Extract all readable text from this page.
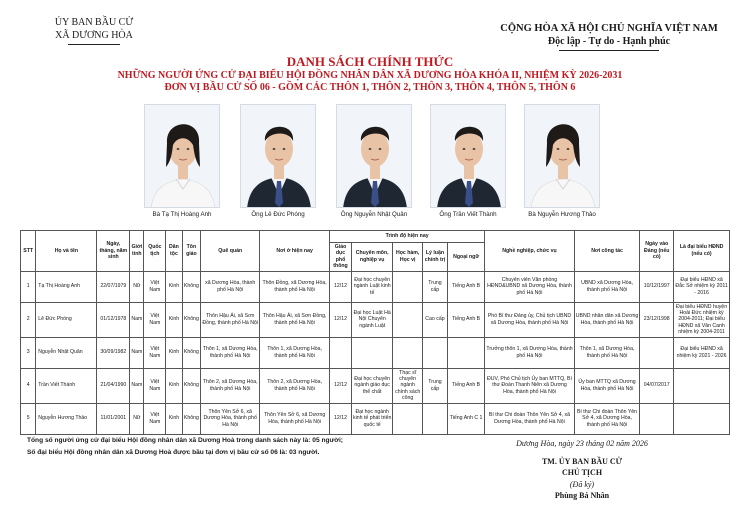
ỦY BAN BẦU CỬ
XÃ DƯƠNG HÒA
CỘNG HÒA XÃ HỘI CHỦ NGHĨA VIỆT NAM
Độc lập - Tự do - Hạnh phúc
DANH SÁCH CHÍNH THỨC
NHỮNG NGƯỜI ỨNG CỬ ĐẠI BIỂU HỘI ĐỒNG NHÂN DÂN XÃ DƯƠNG HÒA KHÓA II, NHIỆM KỲ 2026-2031
ĐƠN VỊ BẦU CỬ SỐ 06 - GỒM CÁC THÔN 1, THÔN 2, THÔN 3, THÔN 4, THÔN 5, THÔN 6
Bà Tạ Thị Hoàng Anh	Ông Lê Đức Phóng	Ông Nguyễn Nhật Quân	Ông Trần Viết Thành	Bà Nguyễn Hương Thảo
STT	Họ và tên	Ngày, tháng, năm sinh	Giới tính	Quốc tịch	Dân tộc	Tôn giáo	Quê quán	Nơi ở hiện nay	Trình độ hiện nay					Nghề nghiệp, chức vụ	Nơi công tác	Ngày vào Đảng (nếu có)	Là đại biểu HĐND (nếu có)
									Giáo dục phổ thông	Chuyên môn, nghiệp vụ	Học hàm, Học vị	Lý luận chính trị	Ngoại ngữ				
1	Tạ Thị Hoàng Anh	22/07/1979	Nữ	Việt Nam	Kinh	Không	xã Dương Hòa, thành phố Hà Nội	Thôn Đồng, xã Dương Hòa, thành phố Hà Nội	12/12	Đại học chuyên ngành Luật kinh tế		Trung cấp	Tiếng Anh B	Chuyên viên Văn phòng HĐND&UBND xã Dương Hòa, thành phố Hà Nội	UBND xã Dương Hòa, thành phố Hà Nội	10/12/1997	Đại biểu HĐND xã Đắc Sở nhiệm kỳ 2011 - 2016
2	Lê Đức Phóng	01/12/1978	Nam	Việt Nam	Kinh	Không	Thôn Hậu Ái, xã Sơn Đồng, thành phố Hà Nội	Thôn Hậu Ái, xã Sơn Đồng, thành phố Hà Nội	12/12	Đại học Luật Hà Nội Chuyên ngành Luật		Cao cấp	Tiếng Anh B	Phó Bí thư Đảng ủy, Chủ tịch UBND xã Dương Hòa, thành phố Hà Nội	UBND nhân dân xã Dương Hòa, thành phố Hà Nội	23/12/1998	Đại biểu HĐND huyện Hoài Đức nhiệm kỳ 2004-2011; Đại biểu HĐND xã Vân Canh nhiệm kỳ 2004-2011
3	Nguyễn Nhật Quân	30/09/1982	Nam	Việt Nam	Kinh	Không	Thôn 1, xã Dương Hòa, thành phố Hà Nội	Thôn 1, xã Dương Hòa, thành phố Hà Nội						Trưởng thôn 1, xã Dương Hòa, thành phố Hà Nội	Thôn 1, xã Dương Hòa, thành phố Hà Nội		Đại biểu HĐND xã nhiệm kỳ 2021 - 2026
4	Trần Viết Thành	21/04/1990	Nam	Việt Nam	Kinh	Không	Thôn 2, xã Dương Hòa, thành phố Hà Nội	Thôn 2, xã Dương Hòa, thành phố Hà Nội	12/12	Đại học chuyên ngành giáo dục thể chất	Thạc sĩ chuyên ngành chính sách công	Trung cấp	Tiếng Anh B	ĐUV, Phó Chủ tịch Ủy ban MTTQ, Bí thư Đoàn Thanh Niên xã Dương Hòa, thành phố Hà Nội	Ủy ban MTTQ xã Dương Hòa, thành phố Hà Nội	04/07/2017	
5	Nguyễn Hương Thảo	11/01/2001	Nữ	Việt Nam	Kinh	Không	Thôn Yên Sở 6, xã Dương Hòa, thành phố Hà Nội	Thôn Yên Sở 6, xã Dương Hòa, thành phố Hà Nội	12/12	Đại học ngành kinh tế phát triển quốc tế			Tiếng Anh C 1	Bí thư Chi đoàn Thôn Yên Sở 4, xã Dương Hòa, thành phố Hà Nội	Bí thư Chi đoàn Thôn Yên Sở 4, xã Dương Hòa, thành phố Hà Nội		
Tổng số người ứng cử đại biểu Hội đồng nhân dân xã Dương Hoà trong danh sách này là: 05 người;
Số đại biểu Hội đồng nhân dân xã Dương Hoà được bầu tại đơn vị bầu cử số 06 là: 03 người.
Dương Hòa, ngày 23 tháng 02 năm 2026
TM. ỦY BAN BẦU CỬ
CHỦ TỊCH
(Đã ký)
Phùng Bá Nhân
